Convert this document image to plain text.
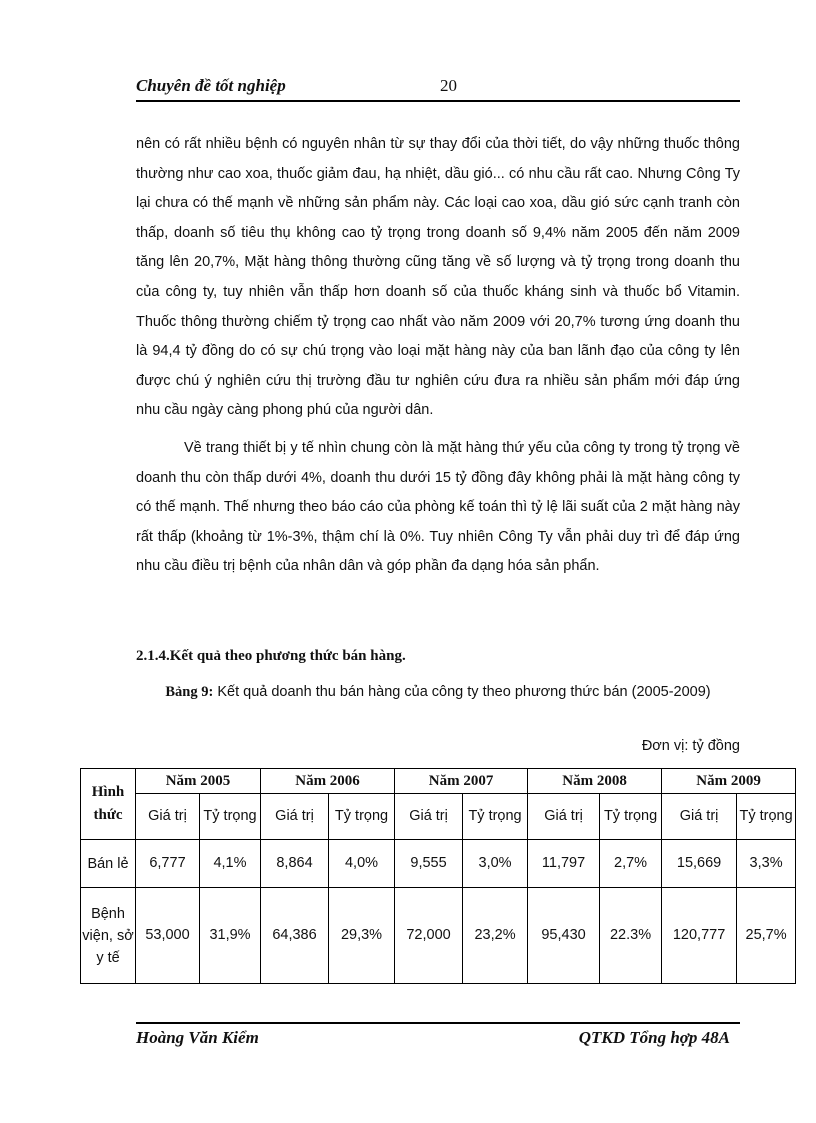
Chuyên đề tốt nghiệp	20

nên có rất nhiều bệnh có nguyên nhân từ sự thay đổi của thời tiết, do vậy những thuốc thông thường như cao xoa, thuốc giảm đau, hạ nhiệt, dầu gió... có nhu cầu rất cao. Nhưng Công Ty lại chưa có thế mạnh về những sản phẩm này. Các loại cao xoa, dầu gió sức cạnh tranh còn thấp, doanh số tiêu thụ không cao tỷ trọng trong doanh số 9,4% năm 2005 đến năm 2009 tăng lên 20,7%, Mặt hàng thông thường cũng tăng về số lượng và tỷ trọng trong doanh thu của công ty, tuy nhiên vẫn thấp hơn doanh số của thuốc kháng sinh và thuốc bổ Vitamin. Thuốc thông thường chiếm tỷ trọng cao nhất vào năm 2009 với 20,7% tương ứng doanh thu là 94,4 tỷ đồng do có sự chú trọng vào loại mặt hàng này của ban lãnh đạo của công ty lên được chú ý nghiên cứu thị trường đầu tư nghiên cứu đưa ra nhiều sản phẩm mới đáp ứng nhu cầu ngày càng phong phú của người dân.

Về trang thiết bị y tế nhìn chung còn là mặt hàng thứ yếu của công ty trong tỷ trọng về doanh thu còn thấp dưới 4%, doanh thu dưới 15 tỷ đồng đây không phải là mặt hàng công ty có thế mạnh. Thế nhưng theo báo cáo của phòng kế toán thì tỷ lệ lãi suất của 2 mặt hàng này rất thấp (khoảng từ 1%-3%, thậm chí là 0%. Tuy nhiên Công Ty vẫn phải duy trì để đáp ứng nhu cầu điều trị bệnh của nhân dân và góp phần đa dạng hóa sản phẩn.

2.1.4.Kết quả theo phương thức bán hàng.
Bảng 9: Kết quả doanh thu bán hàng của công ty theo phương thức bán (2005-2009)
Đơn vị: tỷ đồng
Hình thức	Năm 2005		Năm 2006		Năm 2007		Năm 2008		Năm 2009	
	Giá trị	Tỷ trọng	Giá trị	Tỷ trọng	Giá trị	Tỷ trọng	Giá trị	Tỷ trọng	Giá trị	Tỷ trọng
Bán lẻ	6,777	4,1%	8,864	4,0%	9,555	3,0%	11,797	2,7%	15,669	3,3%
Bệnh viện, sở y tế	53,000	31,9%	64,386	29,3%	72,000	23,2%	95,430	22.3%	120,777	25,7%
Hoàng Văn Kiểm	QTKD Tổng hợp 48A
